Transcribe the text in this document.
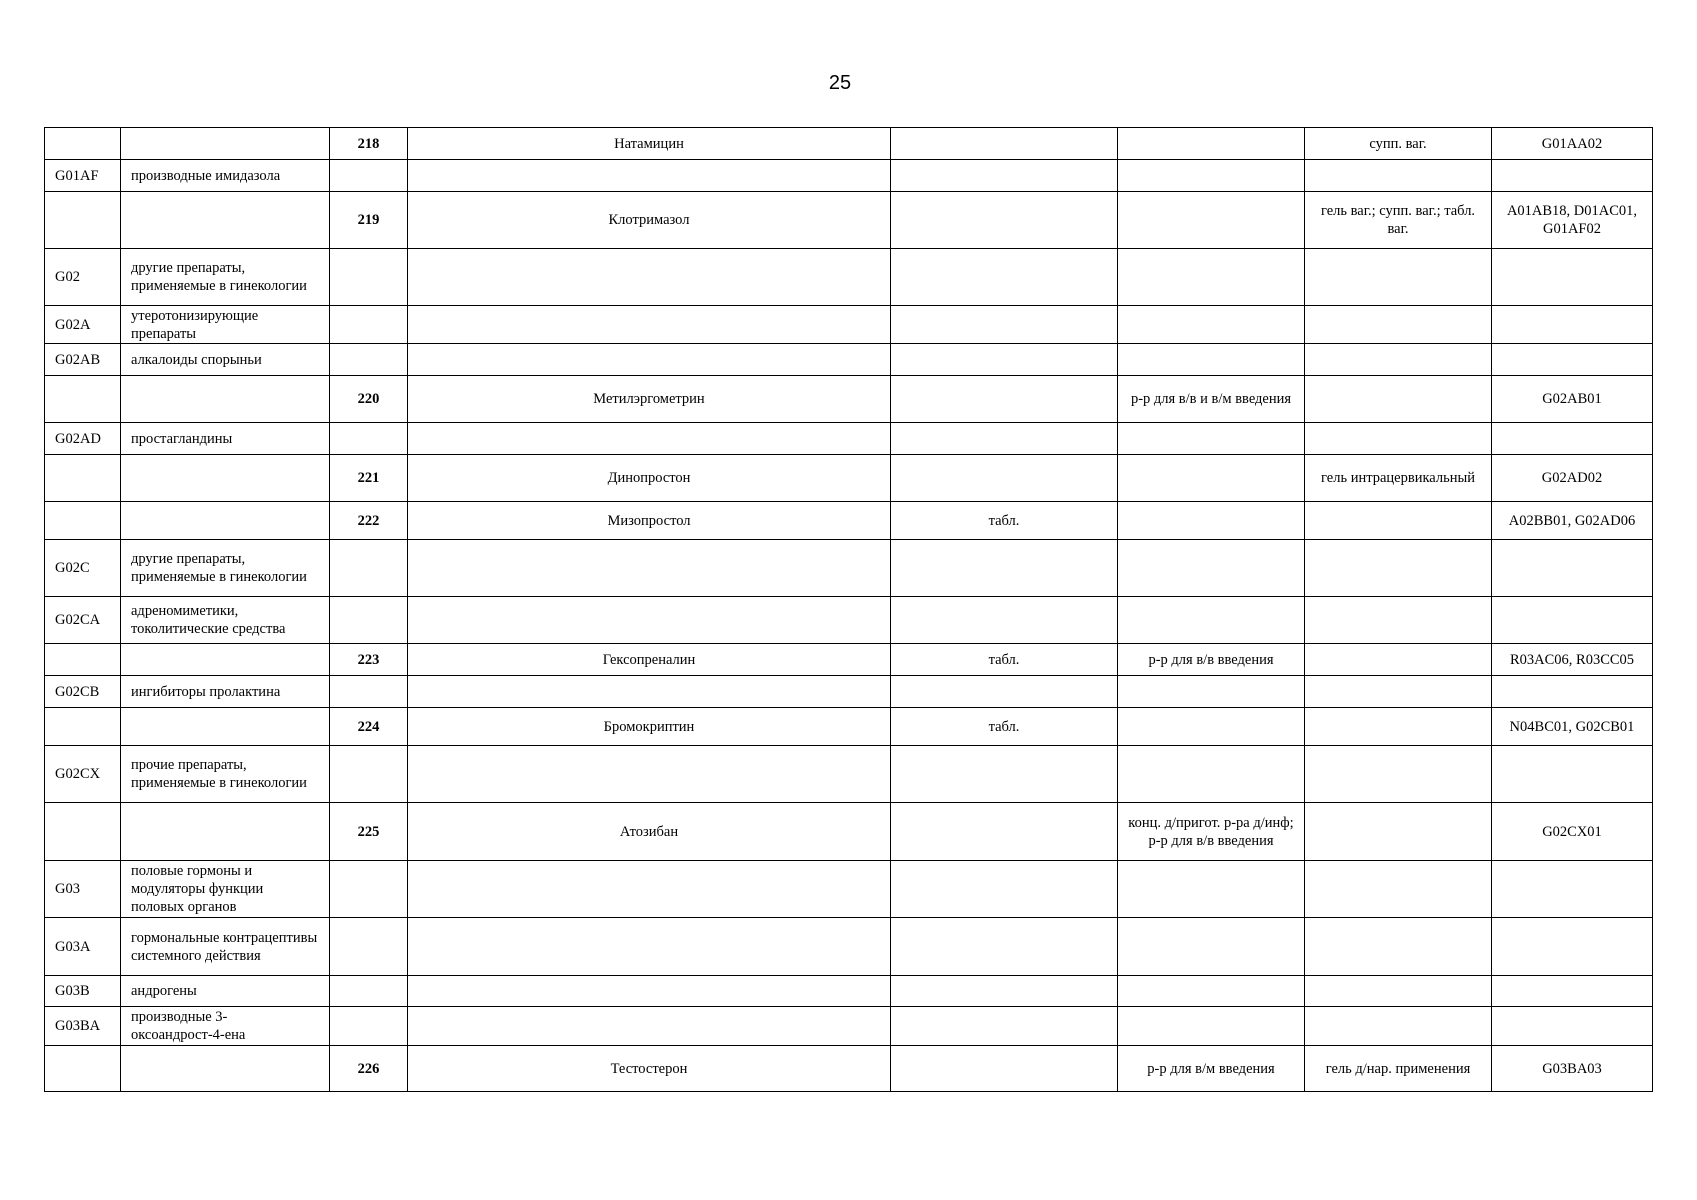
25
		218	Натамицин			супп. ваг.	G01AA02
G01AF	производные имидазола						
		219	Клотримазол			гель ваг.; супп. ваг.; табл. ваг.	A01AB18, D01AC01, G01AF02
G02	другие препараты, применяемые в гинекологии						
G02A	утеротонизирующие препараты						
G02AB	алкалоиды спорыньи						
		220	Метилэргометрин		р-р для в/в и в/м введения		G02AB01
G02AD	простагландины						
		221	Динопростон			гель интрацервикальный	G02AD02
		222	Мизопростол	табл.			A02BB01, G02AD06
G02C	другие препараты, применяемые в гинекологии						
G02CA	адреномиметики, токолитические средства						
		223	Гексопреналин	табл.	р-р для в/в введения		R03AC06, R03CC05
G02CB	ингибиторы пролактина						
		224	Бромокриптин	табл.			N04BC01, G02CB01
G02CX	прочие препараты, применяемые в гинекологии						
		225	Атозибан		конц. д/пригот. р-ра д/инф; р-р для в/в введения		G02CX01
G03	половые гормоны и модуляторы функции половых органов						
G03A	гормональные контрацептивы системного действия						
G03B	андрогены						
G03BA	производные 3-оксоандрост-4-ена						
		226	Тестостерон		р-р для в/м введения	гель д/нар. применения	G03BA03
